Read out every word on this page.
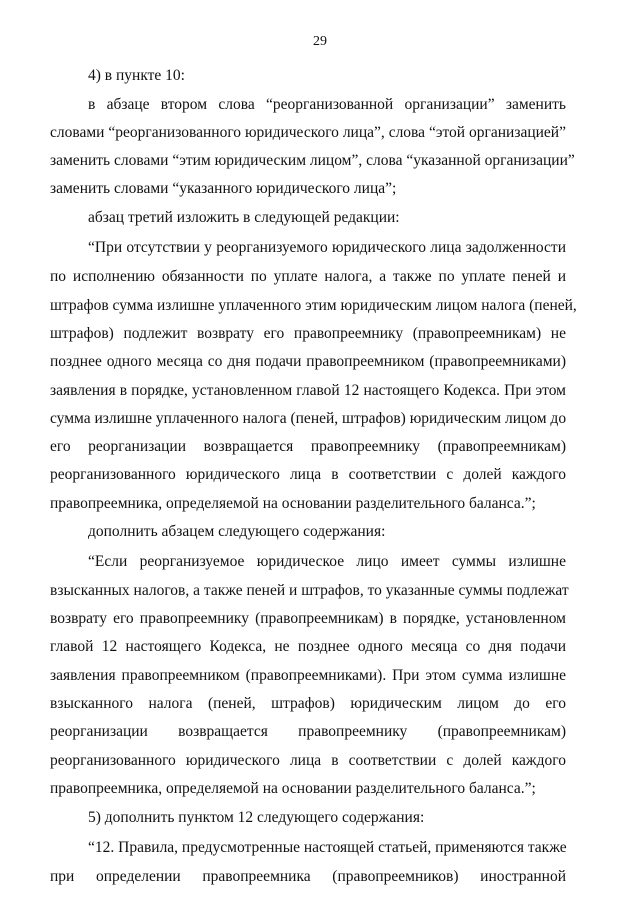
29
4) в пункте 10:
в абзаце втором слова “реорганизованной организации” заменить
словами “реорганизованного юридического лица”, слова “этой организацией”
заменить словами “этим юридическим лицом”, слова “указанной организации”
заменить словами “указанного юридического лица”;
абзац третий изложить в следующей редакции:
“При отсутствии у реорганизуемого юридического лица задолженности
по исполнению обязанности по уплате налога, а также по уплате пеней и
штрафов сумма излишне уплаченного этим юридическим лицом налога (пеней,
штрафов) подлежит возврату его правопреемнику (правопреемникам) не
позднее одного месяца со дня подачи правопреемником (правопреемниками)
заявления в порядке, установленном главой 12 настоящего Кодекса. При этом
сумма излишне уплаченного налога (пеней, штрафов) юридическим лицом до
его реорганизации возвращается правопреемнику (правопреемникам)
реорганизованного юридического лица в соответствии с долей каждого
правопреемника, определяемой на основании разделительного баланса.”;
дополнить абзацем следующего содержания:
“Если реорганизуемое юридическое лицо имеет суммы излишне
взысканных налогов, а также пеней и штрафов, то указанные суммы подлежат
возврату его правопреемнику (правопреемникам) в порядке, установленном
главой 12 настоящего Кодекса, не позднее одного месяца со дня подачи
заявления правопреемником (правопреемниками). При этом сумма излишне
взысканного налога (пеней, штрафов) юридическим лицом до его
реорганизации возвращается правопреемнику (правопреемникам)
реорганизованного юридического лица в соответствии с долей каждого
правопреемника, определяемой на основании разделительного баланса.”;
5) дополнить пунктом 12 следующего содержания:
“12. Правила, предусмотренные настоящей статьей, применяются также
при определении правопреемника (правопреемников) иностранной
